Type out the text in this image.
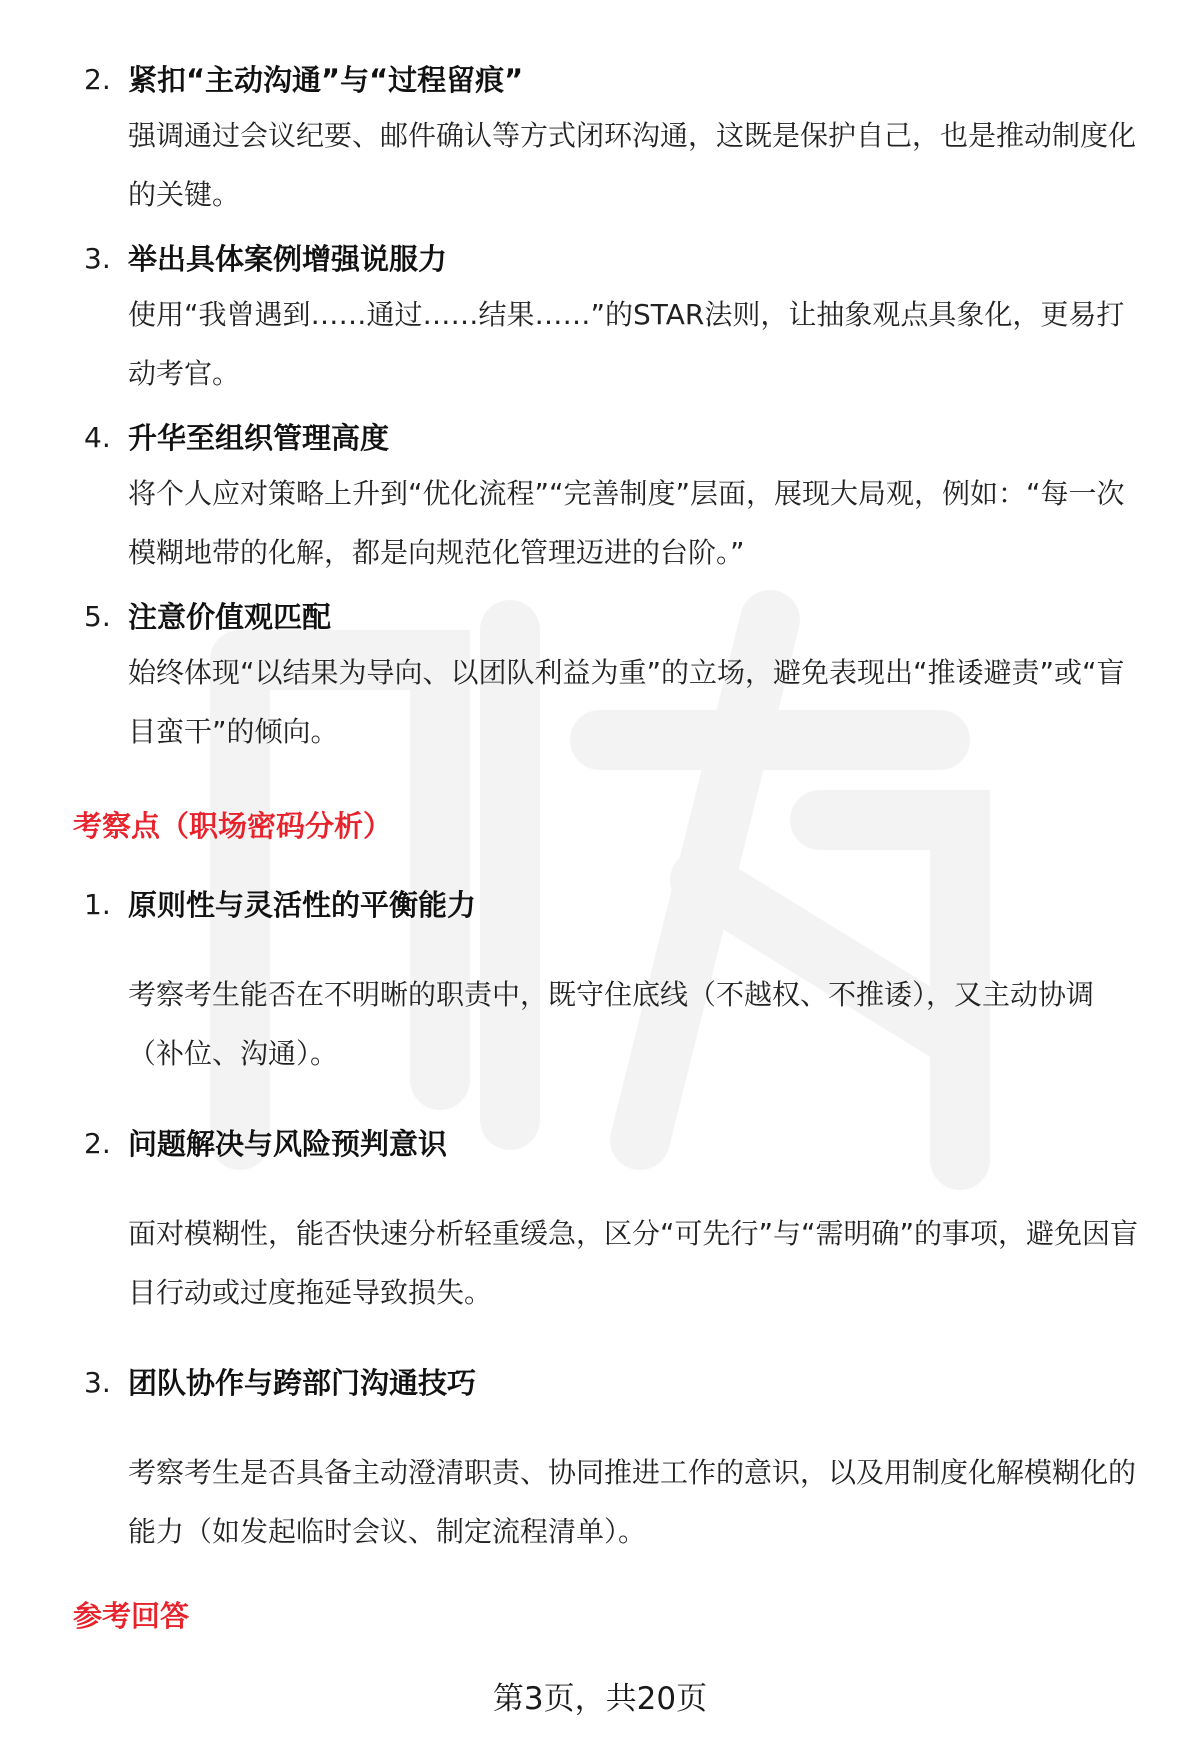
2. 紧扣“主动沟通”与“过程留痕”
强调通过会议纪要、邮件确认等方式闭环沟通，这既是保护自己，也是推动制度化的关键。
3. 举出具体案例增强说服力
使用“我曾遇到……通过……结果……”的STAR法则，让抽象观点具象化，更易打动考官。
4. 升华至组织管理高度
将个人应对策略上升到“优化流程”“完善制度”层面，展现大局观，例如：“每一次模糊地带的化解，都是向规范化管理迈进的台阶。”
5. 注意价值观匹配
始终体现“以结果为导向、以团队利益为重”的立场，避免表现出“推诿避责”或“盲目蛮干”的倾向。
考察点（职场密码分析）
1. 原则性与灵活性的平衡能力
考察考生能否在不明晰的职责中，既守住底线（不越权、不推诿），又主动协调（补位、沟通）。
2. 问题解决与风险预判意识
面对模糊性，能否快速分析轻重缓急，区分“可先行”与“需明确”的事项，避免因盲目行动或过度拖延导致损失。
3. 团队协作与跨部门沟通技巧
考察考生是否具备主动澄清职责、协同推进工作的意识，以及用制度化解模糊化的能力（如发起临时会议、制定流程清单）。
参考回答
第3页，共20页
